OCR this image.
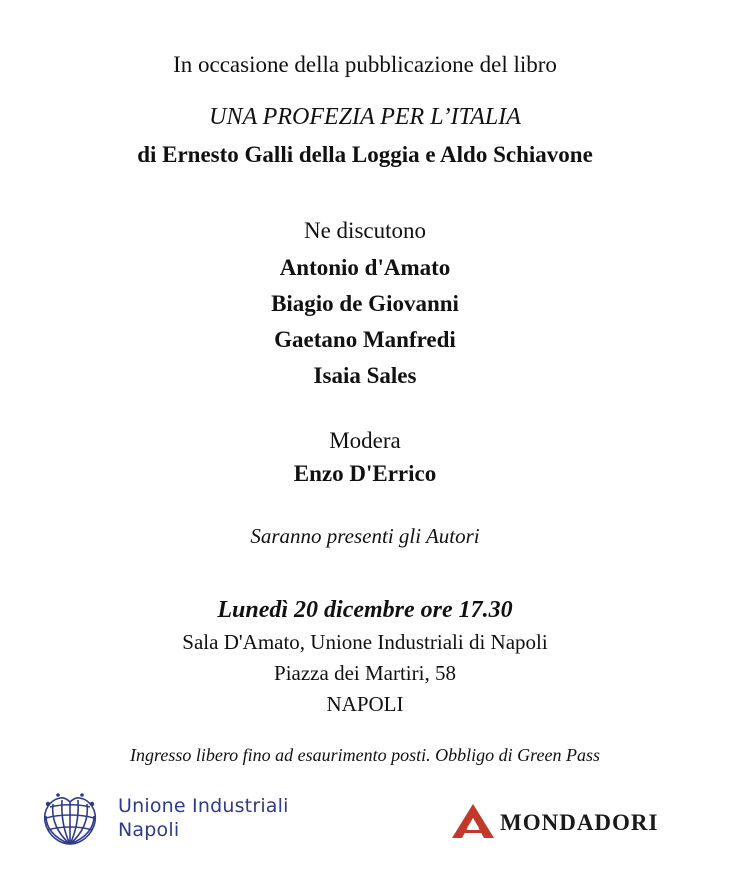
In occasione della pubblicazione del libro
UNA PROFEZIA PER L’ITALIA
di Ernesto Galli della Loggia e Aldo Schiavone
Ne discutono
Antonio d'Amato
Biagio de Giovanni
Gaetano Manfredi
Isaia Sales
Modera
Enzo D'Errico
Saranno presenti gli Autori
Lunedì 20 dicembre ore 17.30
Sala D'Amato, Unione Industriali di Napoli
Piazza dei Martiri, 58
NAPOLI
Ingresso libero fino ad esaurimento posti. Obbligo di Green Pass
Unione Industriali
Napoli	MONDADORI
